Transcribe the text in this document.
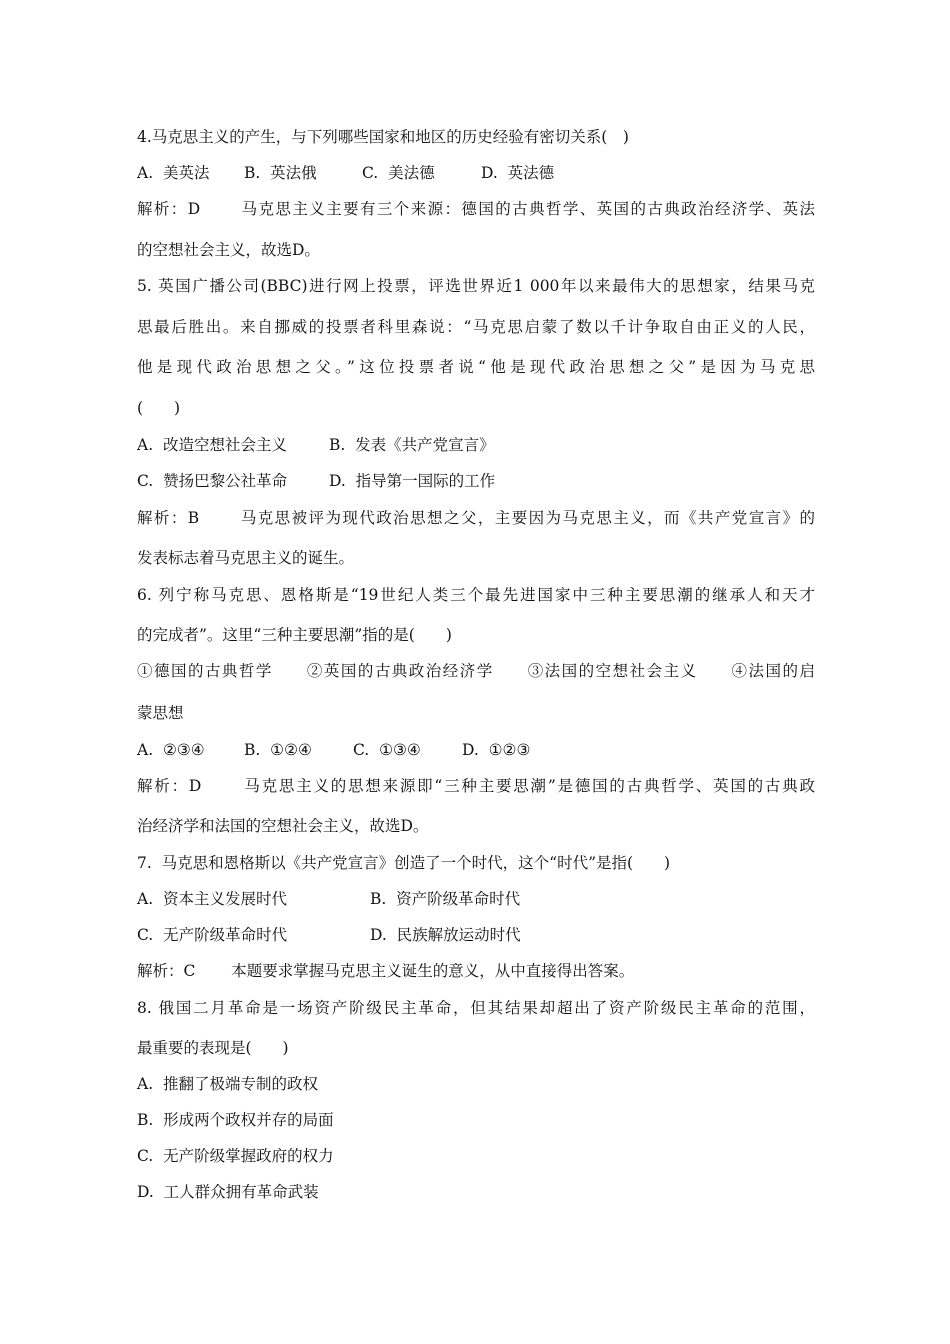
4.马克思主义的产生，与下列哪些国家和地区的历史经验有密切关系(　)
A.  美英法 B.  英法俄	C.  美法德	D.  英法德
解析：D　　 马克思主义主要有三个来源：德国的古典哲学、英国的古典政治经济学、英法
的空想社会主义，故选D。
5. 英国广播公司(BBC)进行网上投票，评选世界近1 000年以来最伟大的思想家，结果马克
思最后胜出。来自挪威的投票者科里森说：“马克思启蒙了数以千计争取自由正义的人民，
他是现代政治思想之父。”这位投票者说“他是现代政治思想之父”是因为马克思
(　　)
A.  改造空想社会主义	B.  发表《共产党宣言》
C.  赞扬巴黎公社革命	D.  指导第一国际的工作
解析：B　　 马克思被评为现代政治思想之父，主要因为马克思主义，而《共产党宣言》的
发表标志着马克思主义的诞生。
6. 列宁称马克思、恩格斯是“19世纪人类三个最先进国家中三种主要思潮的继承人和天才
的完成者”。这里“三种主要思潮”指的是(　　)
①德国的古典哲学　　②英国的古典政治经济学　　③法国的空想社会主义　　④法国的启
蒙思想
A.  ②③④	B.  ①②④	C.  ①③④	D.  ①②③
解析：D　　 马克思主义的思想来源即“三种主要思潮”是德国的古典哲学、英国的古典政
治经济学和法国的空想社会主义，故选D。
7.  马克思和恩格斯以《共产党宣言》创造了一个时代，这个“时代”是指(　　)
A.  资本主义发展时代	B.  资产阶级革命时代
C.  无产阶级革命时代	D.  民族解放运动时代
解析：C　　 本题要求掌握马克思主义诞生的意义，从中直接得出答案。
8. 俄国二月革命是一场资产阶级民主革命，但其结果却超出了资产阶级民主革命的范围，
最重要的表现是(　　)
A.  推翻了极端专制的政权
B.  形成两个政权并存的局面
C.  无产阶级掌握政府的权力
D.  工人群众拥有革命武装
